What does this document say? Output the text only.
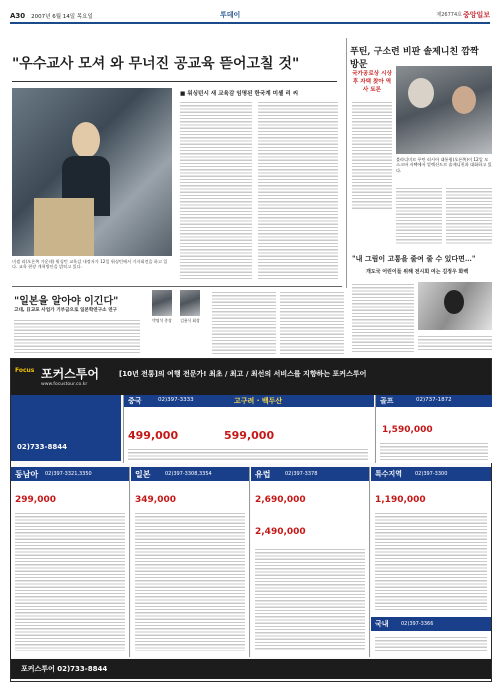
A30 2007년 6월 14일 목요일	투데이	제26774호 중앙일보
"우수교사 모셔 와 무너진 공교육 뜯어고칠 것"
미셸 리(오른쪽 가운데) 워싱턴 교육감 내정자가 12일 워싱턴에서 기자회견을 하고 있다. 교육 현장 개혁방안을 밝히고 있다.
■ 워싱턴시 새 교육감 임명된 한국계 미셸 리 씨
푸틴, 구소련 비판 솔제니친 깜짝 방문
국가공로상 시상 후 자택 찾아 역사 토론
블라디미르 푸틴 러시아 대통령(오른쪽)이 12일 모스크바 자택에서 알렉산드르 솔제니친과 대화하고 있다.
"내 그림이 고통을 줄여 줄 수 있다면…"
개도국 어린이들 위해 전시회 여는 김정우 화백
"일본을 알아야 이긴다"
고대, 日교포 사업가 기부금으로 일본학연구소 연구
박명석 총장	김용식 회장
포커스투어
Focus
www.focustour.co.kr
[10년 전통]의 여행 전문가! 최초 / 최고 / 최선의 서비스를 지향하는 포커스투어
02)733-8844
중국	02)397-3333	고구려 · 백두산
499,000	599,000
골프	02)737-1872
1,590,000
동남아 02)397-3321,3350
299,000
일본	02)397-3308,3354
349,000
유럽	02)397-3378
2,690,000
2,490,000
특수지역	02)397-3300
1,190,000
국내 02)397-3366
포커스투어 02)733-8844
